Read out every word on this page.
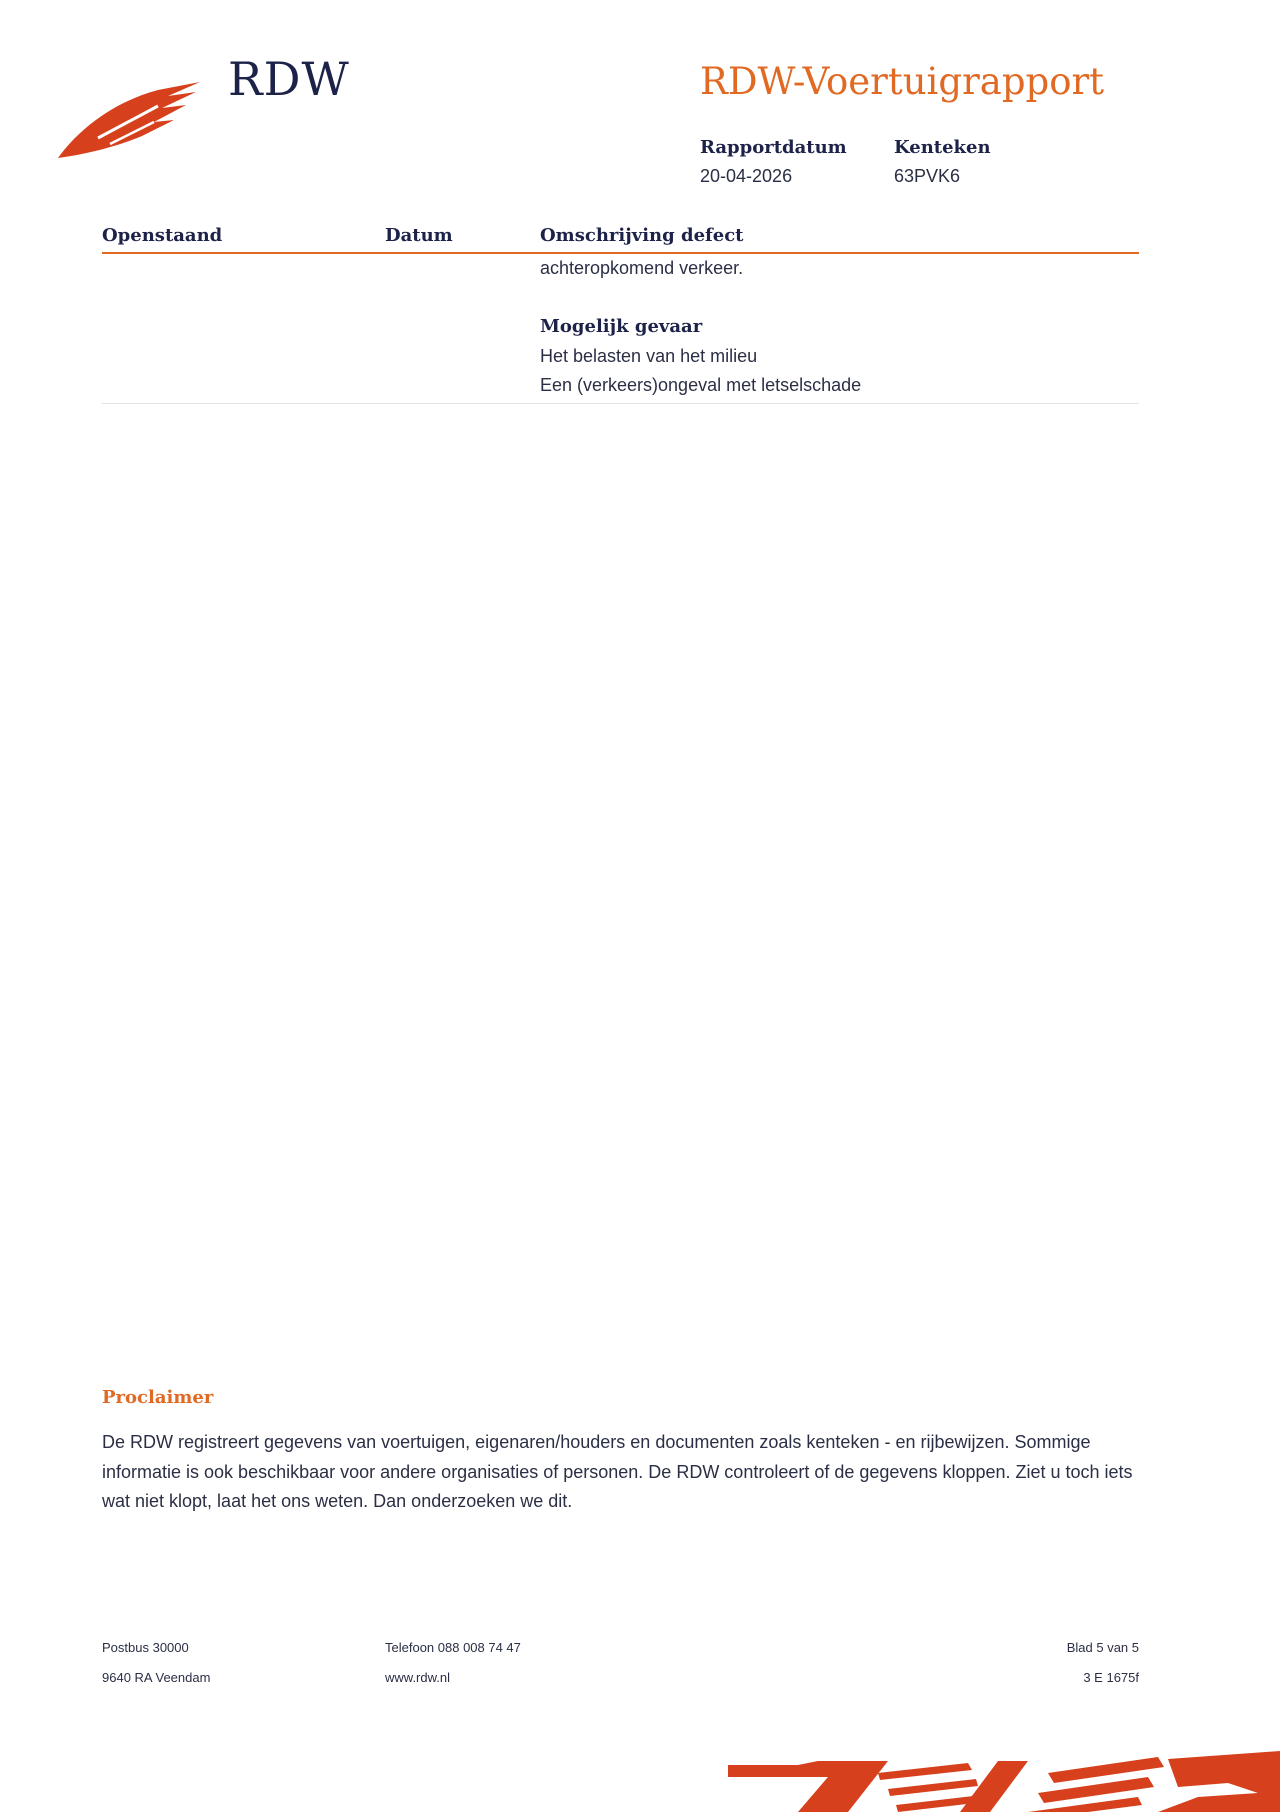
RDW	RDW-Voertuigrapport
Rapportdatum
20-04-2026
Kenteken
63PVK6
Openstaand	Datum	Omschrijving defect
achteropkomend verkeer.
Mogelijk gevaar
Het belasten van het milieu
Een (verkeers)ongeval met letselschade
Proclaimer
De RDW registreert gegevens van voertuigen, eigenaren/houders en documenten zoals kenteken - en rijbewijzen. Sommige informatie is ook beschikbaar voor andere organisaties of personen. De RDW controleert of de gegevens kloppen. Ziet u toch iets wat niet klopt, laat het ons weten. Dan onderzoeken we dit.
Postbus 30000
9640 RA Veendam
Telefoon 088 008 74 47
www.rdw.nl
Blad 5 van 5
3 E 1675f
